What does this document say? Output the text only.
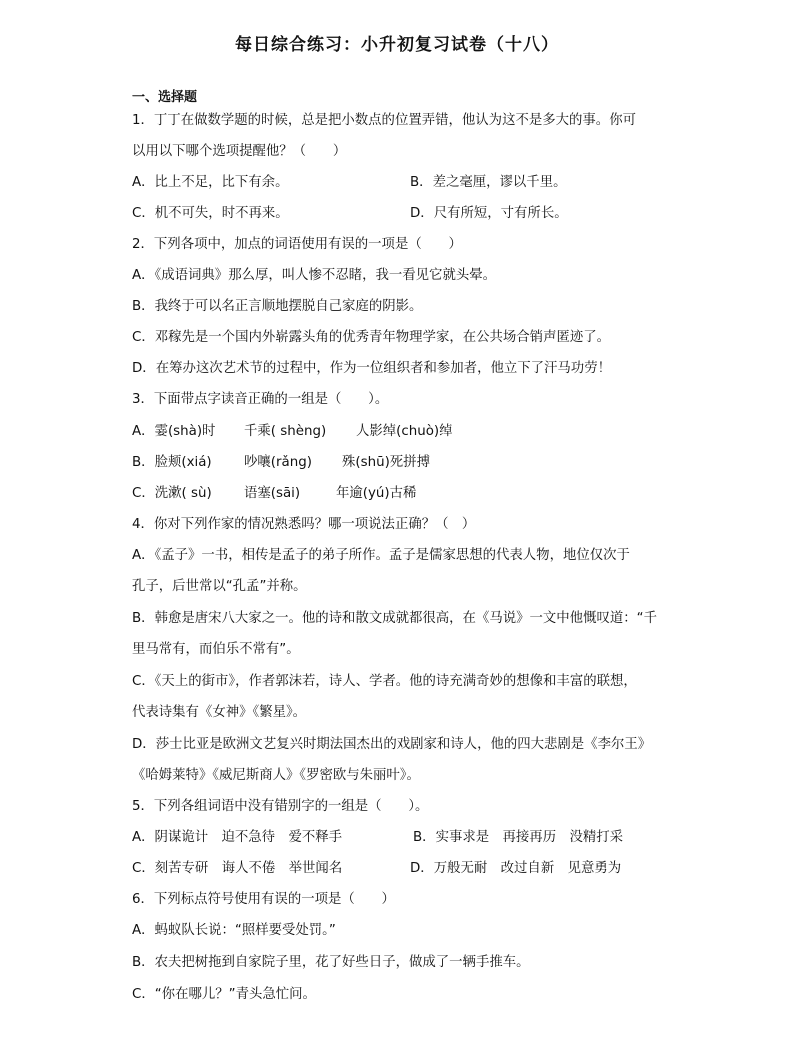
每日综合练习：小升初复习试卷（十八）
一、选择题
1．丁丁在做数学题的时候，总是把小数点的位置弄错，他认为这不是多大的事。你可
以用以下哪个选项提醒他？（　　）
A．比上不足，比下有余。	B．差之毫厘，谬以千里。
C．机不可失，时不再来。	D．尺有所短，寸有所长。
2．下列各项中，加点的词语使用有误的一项是（　　）
A．《成语词典》那么厚，叫人惨不忍睹，我一看见它就头晕。
B．我终于可以名正言顺地摆脱自己家庭的阴影。
C．邓稼先是一个国内外崭露头角的优秀青年物理学家，在公共场合销声匿迹了。
D．在筹办这次艺术节的过程中，作为一位组织者和参加者，他立下了汗马功劳！
3．下面带点字读音正确的一组是（　　）。
A．霎(shà)时 千乘( shèng) 人影绰(chuò)绰
B．脸颊(xiá) 吵嚷(rǎng) 殊(shū)死拼搏
C．洗漱( sù) 语塞(sāi)	年逾(yú)古稀
4．你对下列作家的情况熟悉吗？哪一项说法正确？（　）
A．《孟子》一书，相传是孟子的弟子所作。孟子是儒家思想的代表人物，地位仅次于
孔子，后世常以“孔孟”并称。
B．韩愈是唐宋八大家之一。他的诗和散文成就都很高，在《马说》一文中他慨叹道：“千
里马常有，而伯乐不常有”。
C．《天上的街市》，作者郭沫若，诗人、学者。他的诗充满奇妙的想像和丰富的联想，
代表诗集有《女神》《繁星》。
D．莎士比亚是欧洲文艺复兴时期法国杰出的戏剧家和诗人，他的四大悲剧是《李尔王》
《哈姆莱特》《威尼斯商人》《罗密欧与朱丽叶》。
5．下列各组词语中没有错别字的一组是（　　）。
A．阴谋诡计　迫不急待　爱不释手	B．实事求是　再接再历　没精打采
C．刻苦专研　诲人不倦　举世闻名	D．万般无耐　改过自新　见意勇为
6．下列标点符号使用有误的一项是（　　）
A．蚂蚁队长说：“照样要受处罚。”
B．农夫把树拖到自家院子里，花了好些日子，做成了一辆手推车。
C．“你在哪儿？”青头急忙问。
